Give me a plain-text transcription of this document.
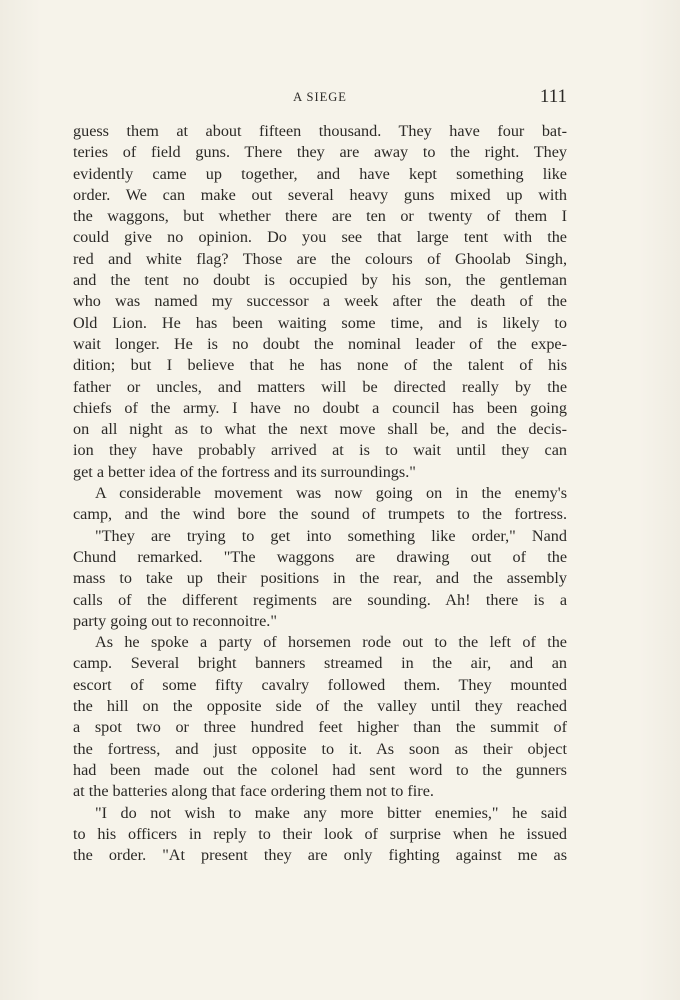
A SIEGE	111
guess them at about fifteen thousand. They have four bat-
teries of field guns. There they are away to the right. They
evidently came up together, and have kept something like
order. We can make out several heavy guns mixed up with
the waggons, but whether there are ten or twenty of them I
could give no opinion. Do you see that large tent with the
red and white flag? Those are the colours of Ghoolab Singh,
and the tent no doubt is occupied by his son, the gentleman
who was named my successor a week after the death of the
Old Lion. He has been waiting some time, and is likely to
wait longer. He is no doubt the nominal leader of the expe-
dition; but I believe that he has none of the talent of his
father or uncles, and matters will be directed really by the
chiefs of the army. I have no doubt a council has been going
on all night as to what the next move shall be, and the decis-
ion they have probably arrived at is to wait until they can
get a better idea of the fortress and its surroundings."
A considerable movement was now going on in the enemy's
camp, and the wind bore the sound of trumpets to the fortress.
"They are trying to get into something like order," Nand
Chund remarked. "The waggons are drawing out of the
mass to take up their positions in the rear, and the assembly
calls of the different regiments are sounding. Ah! there is a
party going out to reconnoitre."
As he spoke a party of horsemen rode out to the left of the
camp. Several bright banners streamed in the air, and an
escort of some fifty cavalry followed them. They mounted
the hill on the opposite side of the valley until they reached
a spot two or three hundred feet higher than the summit of
the fortress, and just opposite to it. As soon as their object
had been made out the colonel had sent word to the gunners
at the batteries along that face ordering them not to fire.
"I do not wish to make any more bitter enemies," he said
to his officers in reply to their look of surprise when he issued
the order. "At present they are only fighting against me as
